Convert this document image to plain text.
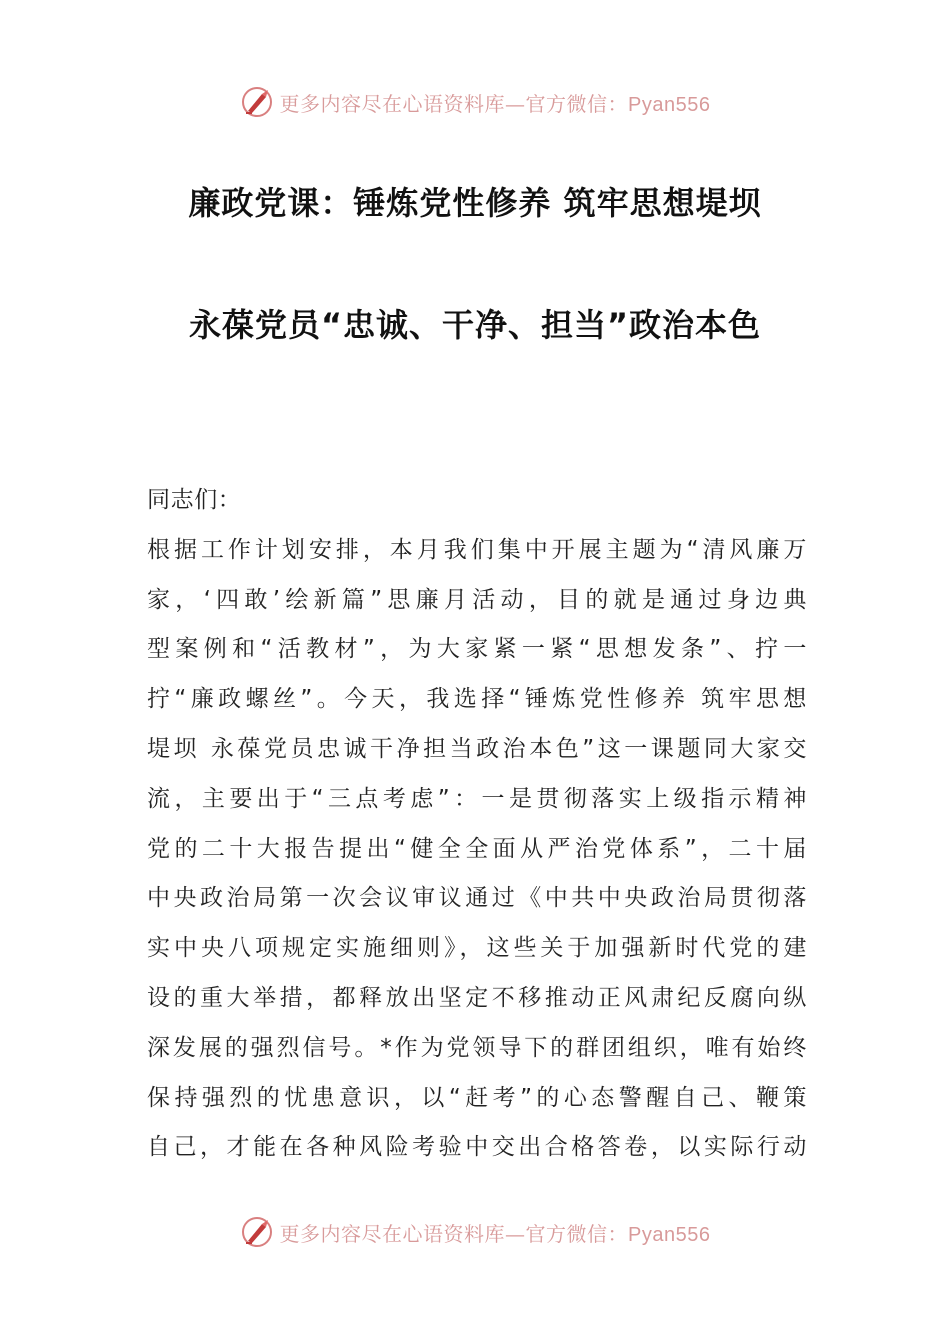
更多内容尽在心语资料库—官方微信：Pyan556
廉政党课：锤炼党性修养 筑牢思想堤坝
永葆党员“忠诚、干净、担当”政治本色
同志们：
根据工作计划安排，本月我们集中开展主题为“清风廉万
家，‘四敢’绘新篇”思廉月活动，目的就是通过身边典
型案例和“活教材”，为大家紧一紧“思想发条”、拧一
拧“廉政螺丝”。今天，我选择“锤炼党性修养 筑牢思想
堤坝 永葆党员忠诚干净担当政治本色”这一课题同大家交
流，主要出于“三点考虑”：一是贯彻落实上级指示精神
党的二十大报告提出“健全全面从严治党体系”，二十届
中央政治局第一次会议审议通过《中共中央政治局贯彻落
实中央八项规定实施细则》，这些关于加强新时代党的建
设的重大举措，都释放出坚定不移推动正风肃纪反腐向纵
深发展的强烈信号。*作为党领导下的群团组织，唯有始终
保持强烈的忧患意识，以“赶考”的心态警醒自己、鞭策
自己，才能在各种风险考验中交出合格答卷，以实际行动
更多内容尽在心语资料库—官方微信：Pyan556
